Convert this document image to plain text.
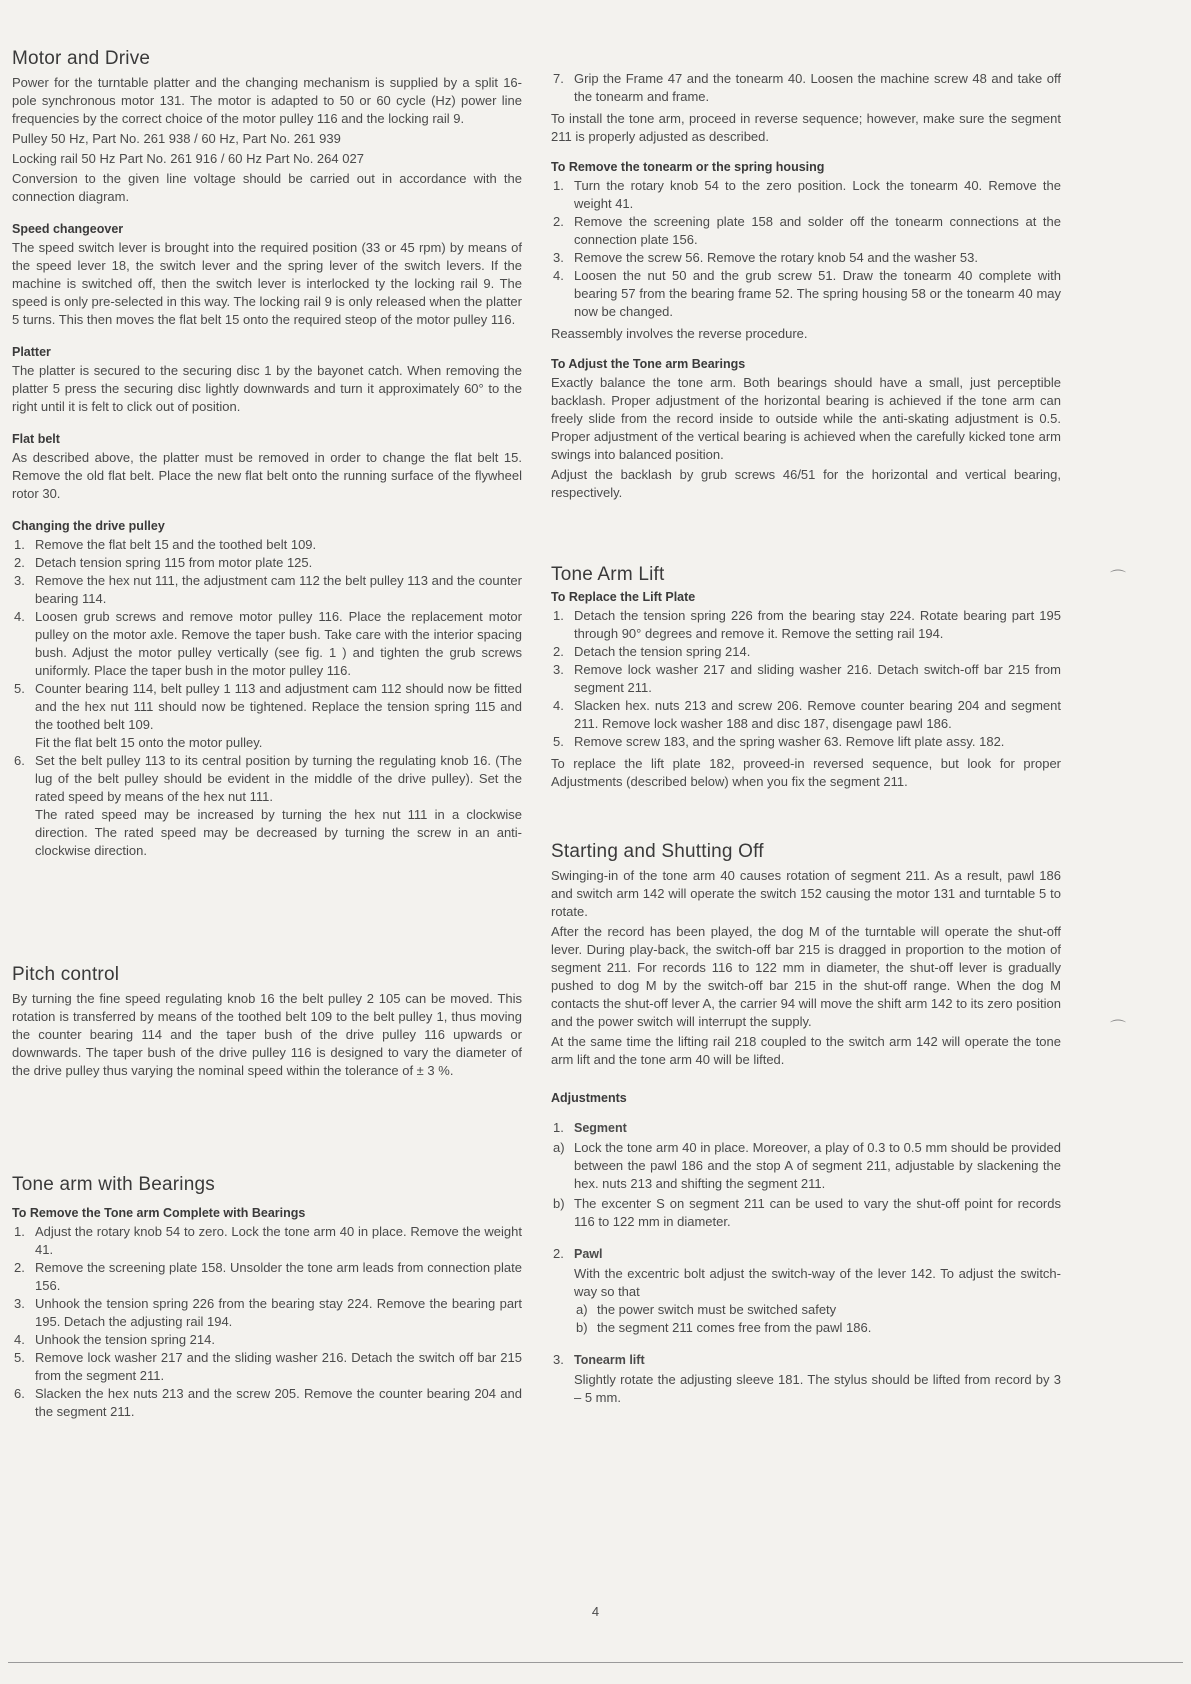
Motor and Drive

Power for the turntable platter and the changing mechanism is supplied by a split 16-pole synchronous motor 131. The motor is adapted to 50 or 60 cycle (Hz) power line frequencies by the correct choice of the motor pulley 116 and the locking rail 9.

Pulley 50 Hz, Part No. 261 938 / 60 Hz, Part No. 261 939

Locking rail 50 Hz Part No. 261 916 / 60 Hz Part No. 264 027

Conversion to the given line voltage should be carried out in accordance with the connection diagram.

Speed changeover

The speed switch lever is brought into the required position (33 or 45 rpm) by means of the speed lever 18, the switch lever and the spring lever of the switch levers. If the machine is switched off, then the switch lever is interlocked ty the locking rail 9. The speed is only pre-selected in this way. The locking rail 9 is only released when the platter 5 turns. This then moves the flat belt 15 onto the required steop of the motor pulley 116.

Platter

The platter is secured to the securing disc 1 by the bayonet catch. When removing the platter 5 press the securing disc lightly downwards and turn it approximately 60° to the right until it is felt to click out of position.

Flat belt

As described above, the platter must be removed in order to change the flat belt 15. Remove the old flat belt. Place the new flat belt onto the running surface of the flywheel rotor 30.

Changing the drive pulley
1. Remove the flat belt 15 and the toothed belt 109.
2. Detach tension spring 115 from motor plate 125.
3. Remove the hex nut 111, the adjustment cam 112 the belt pulley 113 and the counter bearing 114.
4. Loosen grub screws and remove motor pulley 116. Place the replacement motor pulley on the motor axle. Remove the taper bush. Take care with the interior spacing bush. Adjust the motor pulley vertically (see fig. 1 ) and tighten the grub screws uniformly. Place the taper bush in the motor pulley 116.
5. Counter bearing 114, belt pulley 1 113 and adjustment cam 112 should now be fitted and the hex nut 111 should now be tightened. Replace the tension spring 115 and the toothed belt 109.

Fit the flat belt 15 onto the motor pulley.

6. Set the belt pulley 113 to its central position by turning the regulating knob 16. (The lug of the belt pulley should be evident in the middle of the drive pulley). Set the rated speed by means of the hex nut 111.

The rated speed may be increased by turning the hex nut 111 in a clockwise direction. The rated speed may be decreased by turning the screw in an anti-clockwise direction.

Pitch control

By turning the fine speed regulating knob 16 the belt pulley 2 105 can be moved. This rotation is transferred by means of the toothed belt 109 to the belt pulley 1, thus moving the counter bearing 114 and the taper bush of the drive pulley 116 upwards or downwards. The taper bush of the drive pulley 116 is designed to vary the diameter of the drive pulley thus varying the nominal speed within the tolerance of ± 3 %.

Tone arm with Bearings
To Remove the Tone arm Complete with Bearings
1. Adjust the rotary knob 54 to zero. Lock the tone arm 40 in place. Remove the weight 41.
2. Remove the screening plate 158. Unsolder the tone arm leads from connection plate 156.
3. Unhook the tension spring 226 from the bearing stay 224. Remove the bearing part 195. Detach the adjusting rail 194.
4. Unhook the tension spring 214.
5. Remove lock washer 217 and the sliding washer 216. Detach the switch off bar 215 from the segment 211.
6. Slacken the hex nuts 213 and the screw 205. Remove the counter bearing 204 and the segment 211.
7. Grip the Frame 47 and the tonearm 40. Loosen the machine screw 48 and take off the tonearm and frame.

To install the tone arm, proceed in reverse sequence; however, make sure the segment 211 is properly adjusted as described.

To Remove the tonearm or the spring housing
1. Turn the rotary knob 54 to the zero position. Lock the tonearm 40. Remove the weight 41.
2. Remove the screening plate 158 and solder off the tonearm connections at the connection plate 156.
3. Remove the screw 56. Remove the rotary knob 54 and the washer 53.
4. Loosen the nut 50 and the grub screw 51. Draw the tonearm 40 complete with bearing 57 from the bearing frame 52. The spring housing 58 or the tonearm 40 may now be changed.

Reassembly involves the reverse procedure.

To Adjust the Tone arm Bearings

Exactly balance the tone arm. Both bearings should have a small, just perceptible backlash. Proper adjustment of the horizontal bearing is achieved if the tone arm can freely slide from the record inside to outside while the anti-skating adjustment is 0.5. Proper adjustment of the vertical bearing is achieved when the carefully kicked tone arm swings into balanced position.

Adjust the backlash by grub screws 46/51 for the horizontal and vertical bearing, respectively.

Tone Arm Lift
To Replace the Lift Plate
1. Detach the tension spring 226 from the bearing stay 224. Rotate bearing part 195 through 90° degrees and remove it. Remove the setting rail 194.
2. Detach the tension spring 214.
3. Remove lock washer 217 and sliding washer 216. Detach switch-off bar 215 from segment 211.
4. Slacken hex. nuts 213 and screw 206. Remove counter bearing 204 and segment 211. Remove lock washer 188 and disc 187, disengage pawl 186.
5. Remove screw 183, and the spring washer 63. Remove lift plate assy. 182.

To replace the lift plate 182, proveed-in reversed sequence, but look for proper Adjustments (described below) when you fix the segment 211.

Starting and Shutting Off

Swinging-in of the tone arm 40 causes rotation of segment 211. As a result, pawl 186 and switch arm 142 will operate the switch 152 causing the motor 131 and turntable 5 to rotate.

After the record has been played, the dog M of the turntable will operate the shut-off lever. During play-back, the switch-off bar 215 is dragged in proportion to the motion of segment 211. For records 116 to 122 mm in diameter, the shut-off lever is gradually pushed to dog M by the switch-off bar 215 in the shut-off range. When the dog M contacts the shut-off lever A, the carrier 94 will move the shift arm 142 to its zero position and the power switch will interrupt the supply.

At the same time the lifting rail 218 coupled to the switch arm 142 will operate the tone arm lift and the tone arm 40 will be lifted.

Adjustments
1. Segment
a) Lock the tone arm 40 in place. Moreover, a play of 0.3 to 0.5 mm should be provided between the pawl 186 and the stop A of segment 211, adjustable by slackening the hex. nuts 213 and shifting the segment 211.
b) The excenter S on segment 211 can be used to vary the shut-off point for records 116 to 122 mm in diameter.
2. Pawl

With the excentric bolt adjust the switch-way of the lever 142. To adjust the switch-way so that

a) the power switch must be switched safety
b) the segment 211 comes free from the pawl 186.
3. Tonearm lift

Slightly rotate the adjusting sleeve 181. The stylus should be lifted from record by 3 – 5 mm.

⌒
⌒
4
